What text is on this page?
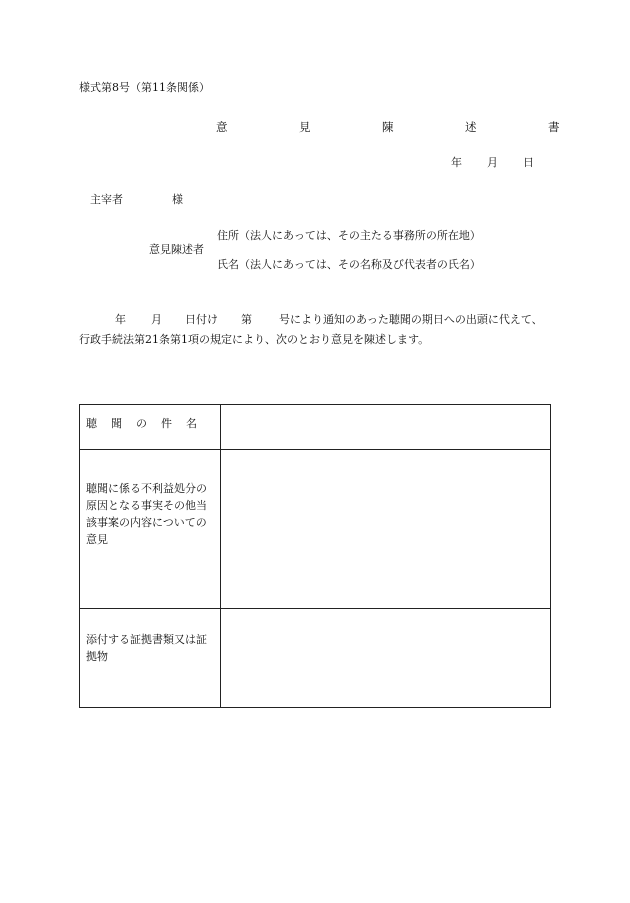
様式第8号（第11条関係）
意　見　陳　述　書
年 月 日
主宰者	様
意見陳述者
住所（法人にあっては、その主たる事務所の所在地）
氏名（法人にあっては、その名称及び代表者の氏名）
年 月 日付け 第 号により通知のあった聴聞の期日への出頭に代えて、
行政手続法第21条第1項の規定により、次のとおり意見を陳述します。
聴聞の件名	
聴聞に係る不利益処分の原因となる事実その他当該事案の内容についての意見	
添付する証拠書類又は証拠物	
